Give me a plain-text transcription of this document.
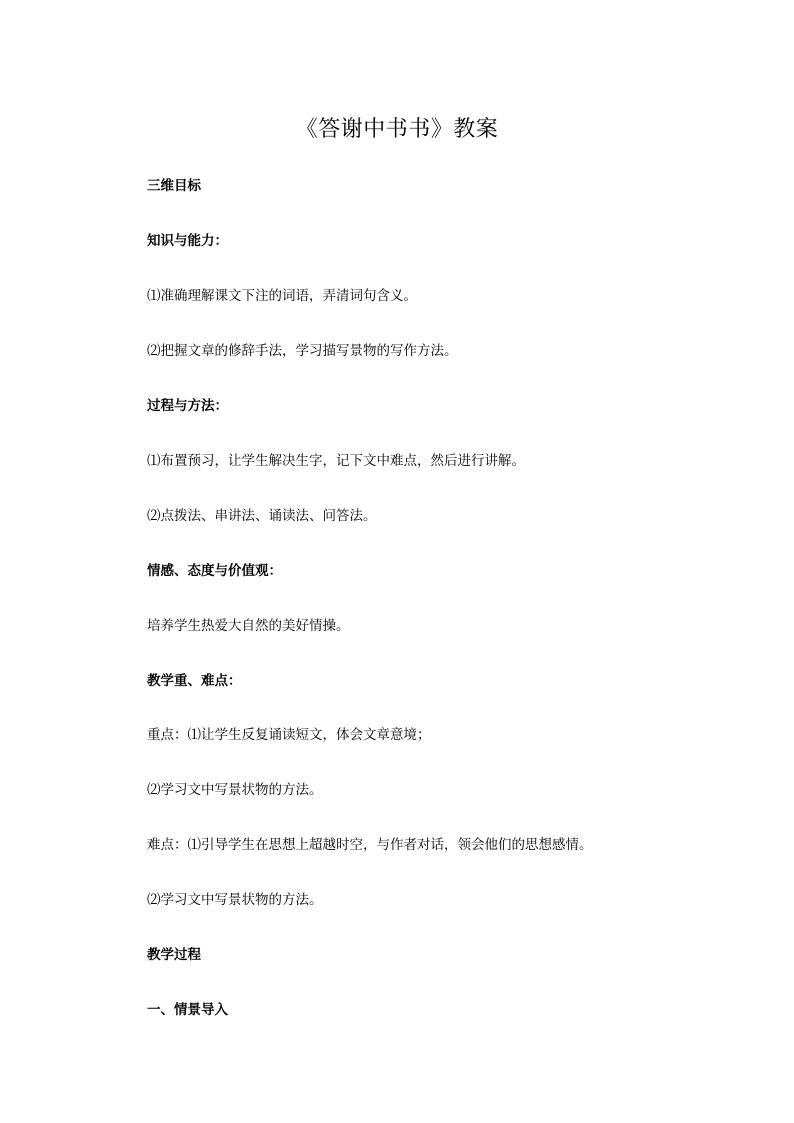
《答谢中书书》教案
三维目标
知识与能力：
⑴准确理解课文下注的词语，弄清词句含义。
⑵把握文章的修辞手法，学习描写景物的写作方法。
过程与方法：
⑴布置预习，让学生解决生字，记下文中难点，然后进行讲解。
⑵点拨法、串讲法、诵读法、问答法。
情感、态度与价值观：
培养学生热爱大自然的美好情操。
教学重、难点：
重点：⑴让学生反复诵读短文，体会文章意境；
⑵学习文中写景状物的方法。
难点：⑴引导学生在思想上超越时空，与作者对话，领会他们的思想感情。
⑵学习文中写景状物的方法。
教学过程
一、情景导入
